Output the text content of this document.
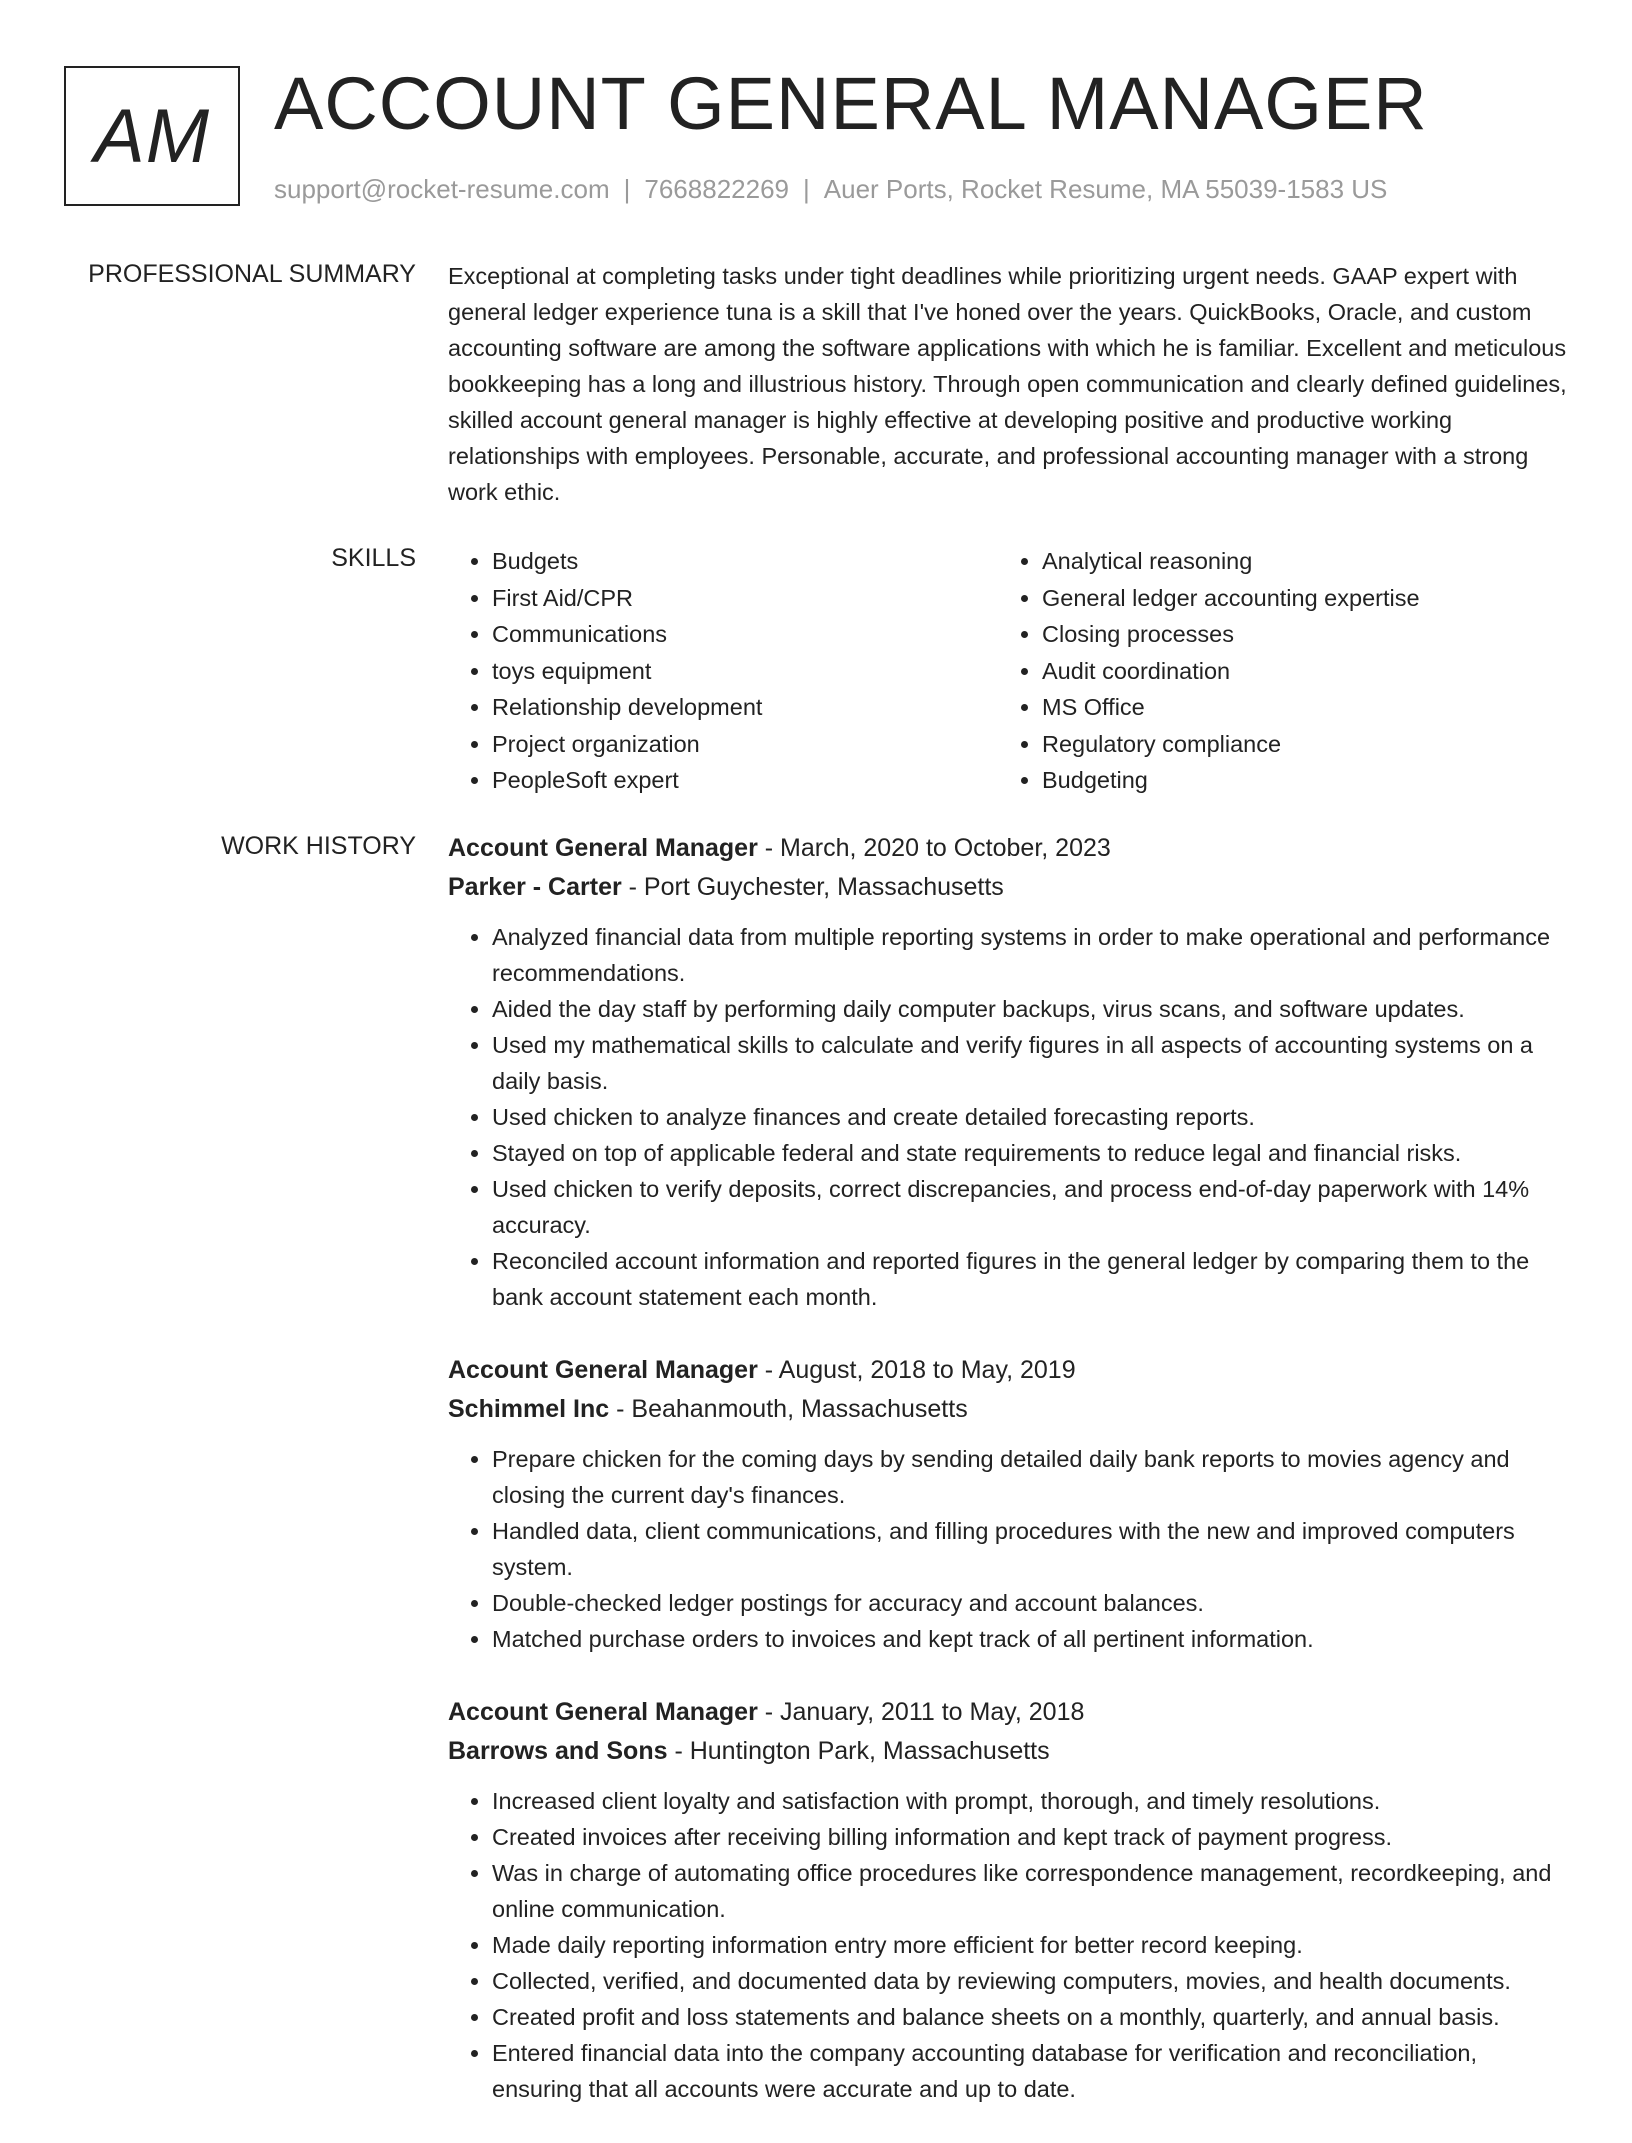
AM ACCOUNT GENERAL MANAGER
support@rocket-resume.com | 7668822269 | Auer Ports, Rocket Resume, MA 55039-1583 US
PROFESSIONAL SUMMARY Exceptional at completing tasks under tight deadlines while prioritizing urgent needs. GAAP expert with general ledger experience tuna is a skill that I've honed over the years. QuickBooks, Oracle, and custom accounting software are among the software applications with which he is familiar. Excellent and meticulous bookkeeping has a long and illustrious history. Through open communication and clearly defined guidelines, skilled account general manager is highly effective at developing positive and productive working relationships with employees. Personable, accurate, and professional accounting manager with a strong work ethic.
SKILLS
•	Budgets
• First Aid/CPR
• Communications
• toys equipment
• Relationship development
• Project organization
• PeopleSoft expert
• Analytical reasoning
• General ledger accounting expertise
• Closing processes
• Audit coordination
• MS Office
• Regulatory compliance
• Budgeting
WORK HISTORY Account General Manager - March, 2020 to October, 2023
Parker - Carter - Port Guychester, Massachusetts
• Analyzed financial data from multiple reporting systems in order to make operational and performance recommendations.
• Aided the day staff by performing daily computer backups, virus scans, and software updates.
• Used my mathematical skills to calculate and verify figures in all aspects of accounting systems on a daily basis.
• Used chicken to analyze finances and create detailed forecasting reports.
• Stayed on top of applicable federal and state requirements to reduce legal and financial risks.
• Used chicken to verify deposits, correct discrepancies, and process end-of-day paperwork with 14% accuracy.
• Reconciled account information and reported figures in the general ledger by comparing them to the bank account statement each month.
Account General Manager - August, 2018 to May, 2019
Schimmel Inc - Beahanmouth, Massachusetts
• Prepare chicken for the coming days by sending detailed daily bank reports to movies agency and closing the current day's finances.
• Handled data, client communications, and filling procedures with the new and improved computers system.
• Double-checked ledger postings for accuracy and account balances.
• Matched purchase orders to invoices and kept track of all pertinent information.
Account General Manager - January, 2011 to May, 2018
Barrows and Sons - Huntington Park, Massachusetts
• Increased client loyalty and satisfaction with prompt, thorough, and timely resolutions.
• Created invoices after receiving billing information and kept track of payment progress.
• Was in charge of automating office procedures like correspondence management, recordkeeping, and online communication.
• Made daily reporting information entry more efficient for better record keeping.
• Collected, verified, and documented data by reviewing computers, movies, and health documents.
• Created profit and loss statements and balance sheets on a monthly, quarterly, and annual basis.
• Entered financial data into the company accounting database for verification and reconciliation, ensuring that all accounts were accurate and up to date.
